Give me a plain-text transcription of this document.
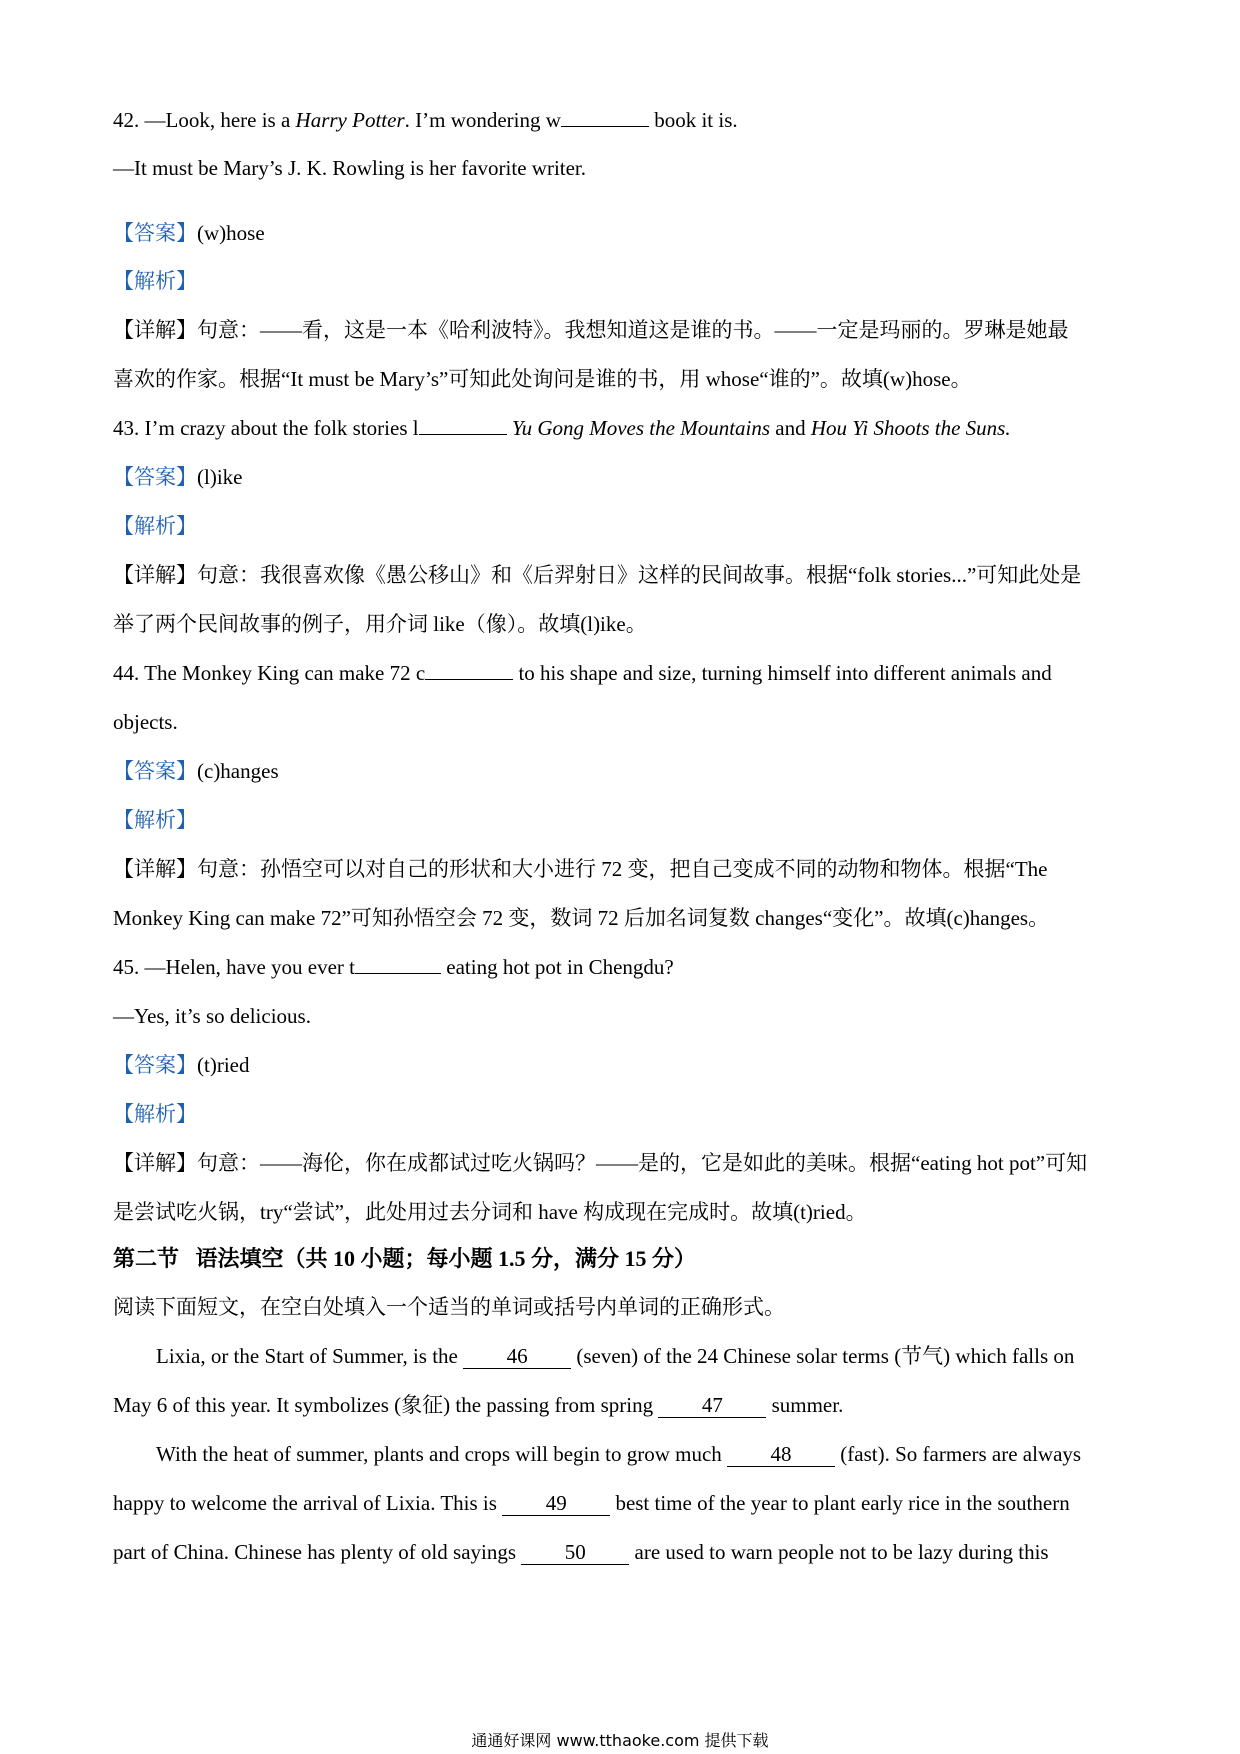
42. —Look, here is a Harry Potter. I’m wondering w	book it is.
—It must be Mary’s J. K. Rowling is her favorite writer.
【答案】(w)hose
【解析】
【详解】句意：——看，这是一本《哈利波特》。我想知道这是谁的书。——一定是玛丽的。罗琳是她最
喜欢的作家。根据“It must be Mary’s”可知此处询问是谁的书，用 whose“谁的”。故填(w)hose。
43. I’m crazy about the folk stories l	Yu Gong Moves the Mountains and Hou Yi Shoots the Suns.
【答案】(l)ike
【解析】
【详解】句意：我很喜欢像《愚公移山》和《后羿射日》这样的民间故事。根据“folk stories...”可知此处是
举了两个民间故事的例子，用介词 like（像）。故填(l)ike。
44. The Monkey King can make 72 c	to his shape and size, turning himself into different animals and
objects.
【答案】(c)hanges
【解析】
【详解】句意：孙悟空可以对自己的形状和大小进行 72 变，把自己变成不同的动物和物体。根据“The
Monkey King can make 72”可知孙悟空会 72 变，数词 72 后加名词复数 changes“变化”。故填(c)hanges。
45. —Helen, have you ever t	eating hot pot in Chengdu?
—Yes, it’s so delicious.
【答案】(t)ried
【解析】
【详解】句意：——海伦，你在成都试过吃火锅吗？——是的，它是如此的美味。根据“eating hot pot”可知
是尝试吃火锅，try“尝试”，此处用过去分词和 have 构成现在完成时。故填(t)ried。
第二节 语法填空（共 10 小题；每小题 1.5 分，满分 15 分）
阅读下面短文，在空白处填入一个适当的单词或括号内单词的正确形式。
Lixia, or the Start of Summer, is the 46 (seven) of the 24 Chinese solar terms (节气) which falls on
May 6 of this year. It symbolizes (象征) the passing from spring 47 summer.
With the heat of summer, plants and crops will begin to grow much 48 (fast). So farmers are always
happy to welcome the arrival of Lixia. This is 49 best time of the year to plant early rice in the southern
part of China. Chinese has plenty of old sayings 50 are used to warn people not to be lazy during this
通通好课网 www.tthaoke.com 提供下载
